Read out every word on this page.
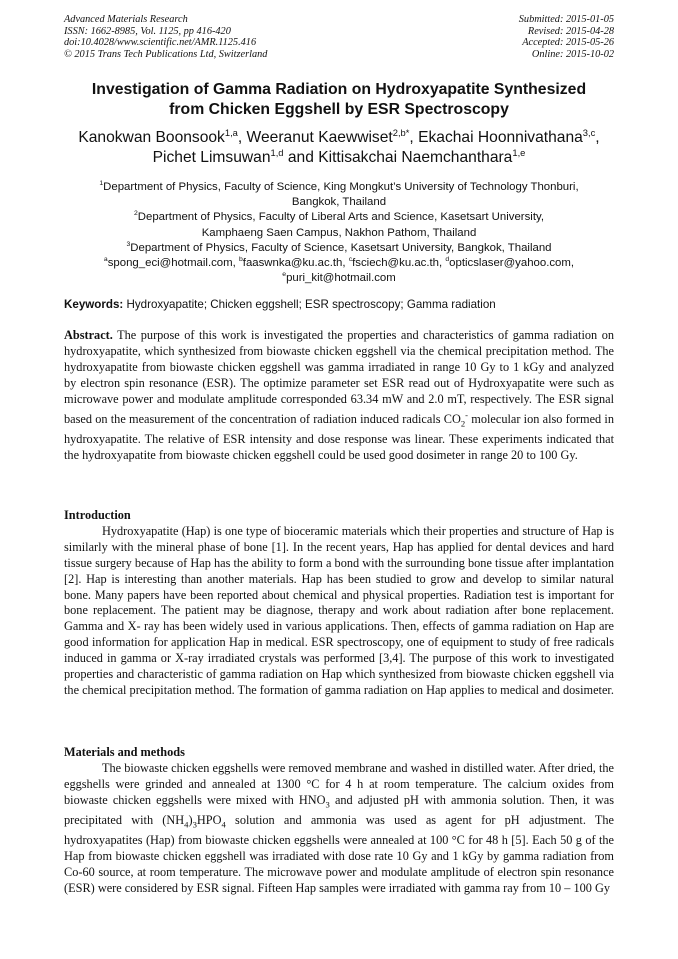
Advanced Materials Research
ISSN: 1662-8985, Vol. 1125, pp 416-420
doi:10.4028/www.scientific.net/AMR.1125.416
© 2015 Trans Tech Publications Ltd, Switzerland
Submitted: 2015-01-05
Revised: 2015-04-28
Accepted: 2015-05-26
Online: 2015-10-02
Investigation of Gamma Radiation on Hydroxyapatite Synthesized
from Chicken Eggshell by ESR Spectroscopy
Kanokwan Boonsook$^{1,a}$, Weeranut Kaewwiset$^{2,b*}$, Ekachai Hoonnivathana$^{3,c}$,
Pichet Limsuwan$^{1,d}$ and Kittisakchai Naemchanthara$^{1,e}$
$^1$Department of Physics, Faculty of Science, King Mongkut’s University of Technology Thonburi,
Bangkok, Thailand
$^2$Department of Physics, Faculty of Liberal Arts and Science, Kasetsart University,
Kamphaeng Saen Campus, Nakhon Pathom, Thailand
$^3$Department of Physics, Faculty of Science, Kasetsart University, Bangkok, Thailand
$^a$spong_eci@hotmail.com, $^b$faaswnka@ku.ac.th, $^c$fsciech@ku.ac.th, $^d$opticslaser@yahoo.com,
$^e$puri_kit@hotmail.com
Keywords: Hydroxyapatite; Chicken eggshell; ESR spectroscopy; Gamma radiation

Abstract. The purpose of this work is investigated the properties and characteristics of gamma radiation on hydroxyapatite, which synthesized from biowaste chicken eggshell via the chemical precipitation method. The hydroxyapatite from biowaste chicken eggshell was gamma irradiated in range 10 Gy to 1 kGy and analyzed by electron spin resonance (ESR). The optimize parameter set ESR read out of Hydroxyapatite were such as microwave power and modulate amplitude corresponded 63.34 mW and 2.0 mT, respectively. The ESR signal based on the measurement of the concentration of radiation induced radicals $CO_2^-$ molecular ion also formed in hydroxyapatite. The relative of ESR intensity and dose response was linear. These experiments indicated that the hydroxyapatite from biowaste chicken eggshell could be used good dosimeter in range 20 to 100 Gy.

Introduction

Hydroxyapatite (Hap) is one type of bioceramic materials which their properties and structure of Hap is similarly with the mineral phase of bone [1]. In the recent years, Hap has applied for dental devices and hard tissue surgery because of Hap has the ability to form a bond with the surrounding bone tissue after implantation [2]. Hap is interesting than another materials. Hap has been studied to grow and develop to similar natural bone. Many papers have been reported about chemical and physical properties. Radiation test is important for bone replacement. The patient may be diagnose, therapy and work about radiation after bone replacement. Gamma and X- ray has been widely used in various applications. Then, effects of gamma radiation on Hap are good information for application Hap in medical. ESR spectroscopy, one of equipment to study of free radicals induced in gamma or X-ray irradiated crystals was performed [3,4]. The purpose of this work to investigated properties and characteristic of gamma radiation on Hap which synthesized from biowaste chicken eggshell via the chemical precipitation method. The formation of gamma radiation on Hap applies to medical and dosimeter.

Materials and methods

The biowaste chicken eggshells were removed membrane and washed in distilled water. After dried, the eggshells were grinded and annealed at 1300 °C for 4 h at room temperature. The calcium oxides from biowaste chicken eggshells were mixed with $HNO_3$ and adjusted pH with ammonia solution. Then, it was precipitated with $(NH_4)_3HPO_4$ solution and ammonia was used as agent for pH adjustment. The hydroxyapatites (Hap) from biowaste chicken eggshells were annealed at 100 °C for 48 h [5]. Each 50 g of the Hap from biowaste chicken eggshell was irradiated with dose rate 10 Gy and 1 kGy by gamma radiation from Co-60 source, at room temperature. The microwave power and modulate amplitude of electron spin resonance (ESR) were considered by ESR signal. Fifteen Hap samples were irradiated with gamma ray from 10 – 100 Gy
